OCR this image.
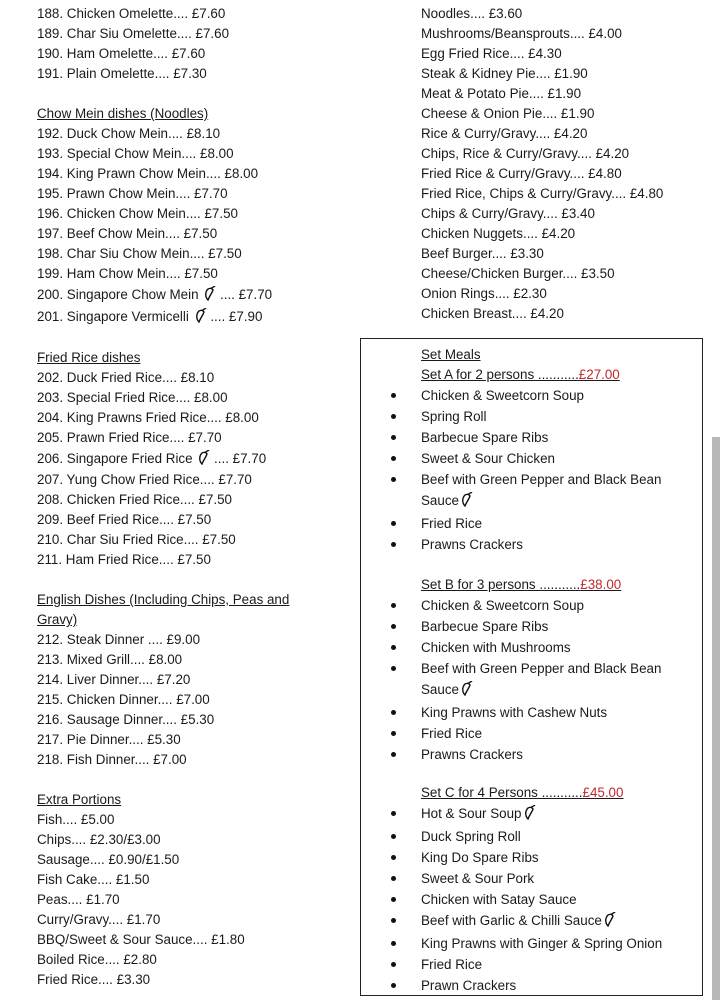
188. Chicken Omelette.... £7.60
189. Char Siu Omelette.... £7.60
190. Ham Omelette.... £7.60
191. Plain Omelette.... £7.30
Chow Mein dishes (Noodles)
192. Duck Chow Mein.... £8.10
193. Special Chow Mein.... £8.00
194. King Prawn Chow Mein.... £8.00
195. Prawn Chow Mein.... £7.70
196. Chicken Chow Mein.... £7.50
197. Beef Chow Mein.... £7.50
198. Char Siu Chow Mein.... £7.50
199. Ham Chow Mein.... £7.50
200. Singapore Chow Mein .... £7.70
201. Singapore Vermicelli .... £7.90
Fried Rice dishes
202. Duck Fried Rice.... £8.10
203. Special Fried Rice.... £8.00
204. King Prawns Fried Rice.... £8.00
205. Prawn Fried Rice.... £7.70
206. Singapore Fried Rice .... £7.70
207. Yung Chow Fried Rice.... £7.70
208. Chicken Fried Rice.... £7.50
209. Beef Fried Rice.... £7.50
210. Char Siu Fried Rice.... £7.50
211. Ham Fried Rice.... £7.50
English Dishes (Including Chips, Peas and Gravy)
212. Steak Dinner .... £9.00
213. Mixed Grill.... £8.00
214. Liver Dinner.... £7.20
215. Chicken Dinner.... £7.00
216. Sausage Dinner.... £5.30
217. Pie Dinner.... £5.30
218. Fish Dinner.... £7.00
Extra Portions
Fish.... £5.00
Chips.... £2.30/£3.00
Sausage.... £0.90/£1.50
Fish Cake.... £1.50
Peas.... £1.70
Curry/Gravy.... £1.70
BBQ/Sweet & Sour Sauce.... £1.80
Boiled Rice.... £2.80
Fried Rice.... £3.30
Noodles.... £3.60
Mushrooms/Beansprouts.... £4.00
Egg Fried Rice.... £4.30
Steak & Kidney Pie.... £1.90
Meat & Potato Pie.... £1.90
Cheese & Onion Pie.... £1.90
Rice & Curry/Gravy.... £4.20
Chips, Rice & Curry/Gravy.... £4.20
Fried Rice & Curry/Gravy.... £4.80
Fried Rice, Chips & Curry/Gravy.... £4.80
Chips & Curry/Gravy.... £3.40
Chicken Nuggets.... £4.20
Beef Burger.... £3.30
Cheese/Chicken Burger.... £3.50
Onion Rings.... £2.30
Chicken Breast.... £4.20
Set Meals
Set A for 2 persons ...........£27.00
Chicken & Sweetcorn Soup
Spring Roll
Barbecue Spare Ribs
Sweet & Sour Chicken
Beef with Green Pepper and Black Bean Sauce
Fried Rice
Prawns Crackers
Set B for 3 persons ...........£38.00
Chicken & Sweetcorn Soup
Barbecue Spare Ribs
Chicken with Mushrooms
Beef with Green Pepper and Black Bean Sauce
King Prawns with Cashew Nuts
Fried Rice
Prawns Crackers
Set C for 4 Persons ...........£45.00
Hot & Sour Soup
Duck Spring Roll
King Do Spare Ribs
Sweet & Sour Pork
Chicken with Satay Sauce
Beef with Garlic & Chilli Sauce
King Prawns with Ginger & Spring Onion
Fried Rice
Prawn Crackers
